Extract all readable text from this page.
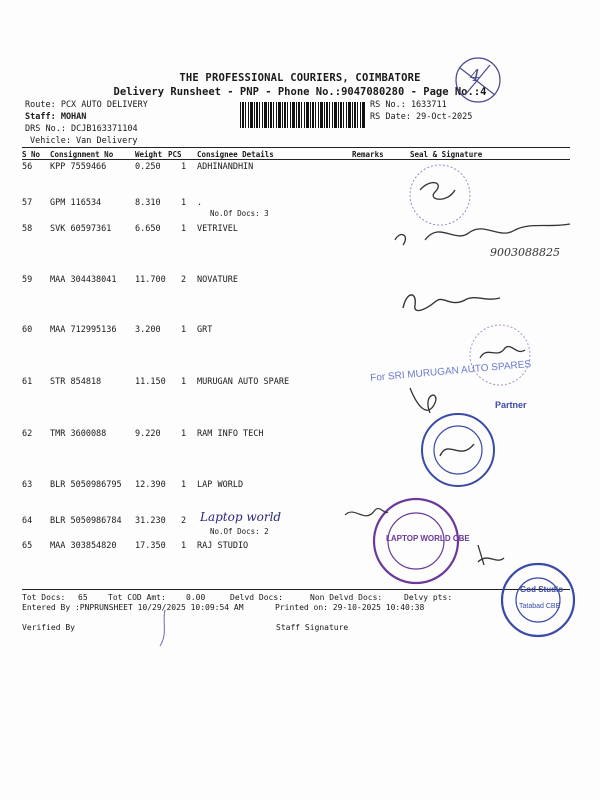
THE PROFESSIONAL COURIERS, COIMBATORE
Delivery Runsheet - PNP - Phone No.:9047080280 - Page No.:4
Route: PCX AUTO DELIVERY
Staff: MOHAN
DRS No.: DCJB163371104
Vehicle: Van Delivery
RS No.: 1633711
RS Date: 29-Oct-2025
S No Consignment No	Weight PCS Consignee Details	Remarks	Seal & Signature
56 KPP 7559466	0.250 1 ADHINANDHIN
57 GPM 116534	8.310 1 .
No.Of Docs: 3
58 SVK 60597361	6.650 1 VETRIVEL
59 MAA 304438041 11.700 2 NOVATURE
60 MAA 712995136 3.200 1 GRT
61 STR 854818	11.150 1 MURUGAN AUTO SPARE
62 TMR 3600088	9.220 1 RAM INFO TECH
63 BLR 5050986795 12.390 1 LAP WORLD
64 BLR 5050986784 31.230 2
No.Of Docs: 2
65 MAA 303854820 17.350 1 RAJ STUDIO
Tot Docs: 65	Tot COD Amt:	0.00	Delvd Docs:	Non Delvd Docs:	Delvy pts:
Entered By :PNPRUNSHEET 10/29/2025 10:09:54 AM	Printed on: 29-10-2025 10:40:38
Verified By	Staff Signature
4
9003088825
For SRI MURUGAN AUTO SPARES
Partner
LAPTOP WORLD CBE
Laptop world
God Studio
Tatabad CBE
